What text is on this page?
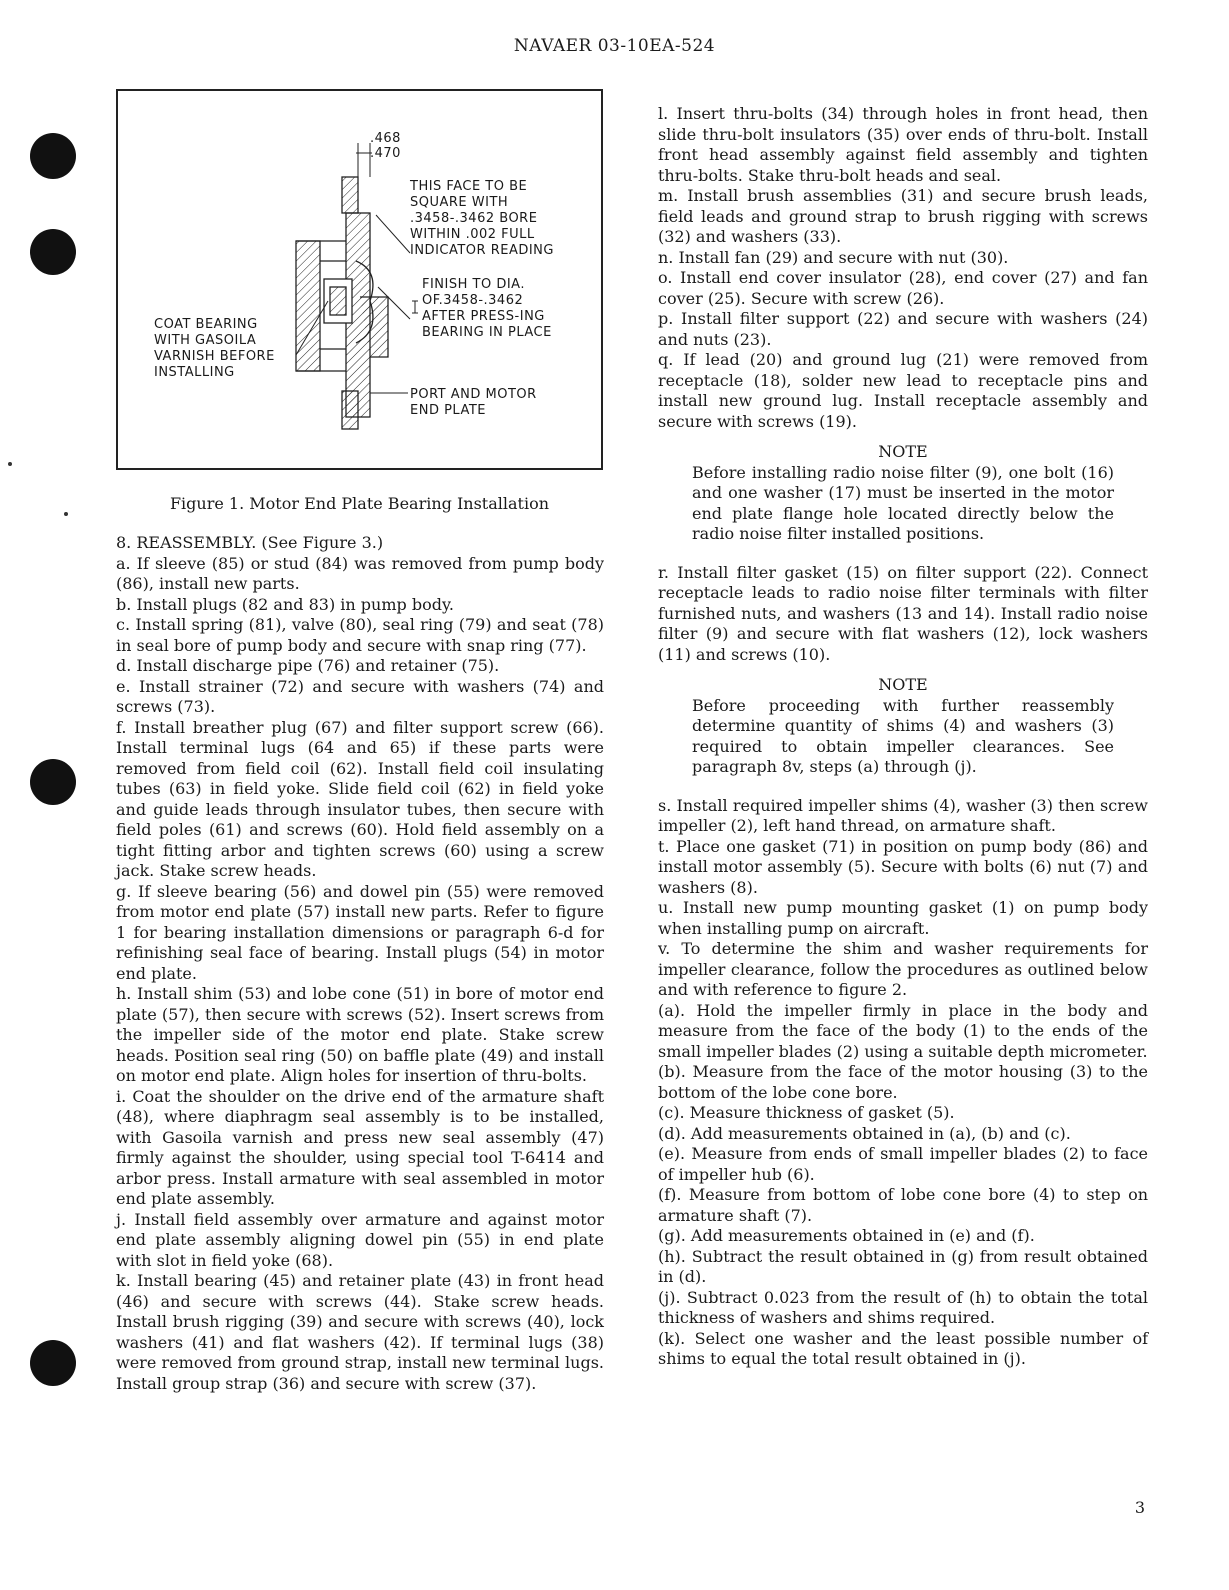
NAVAER 03-10EA-524
.468
.470

THIS FACE TO BE SQUARE WITH .3458-.3462 BORE WITHIN .002 FULL INDICATOR READING

FINISH TO DIA. OF.3458-.3462 AFTER PRESS-ING BEARING IN PLACE

COAT BEARING WITH GASOILA VARNISH BEFORE INSTALLING

PORT AND MOTOR END PLATE

Figure 1. Motor End Plate Bearing Installation

8. REASSEMBLY. (See Figure 3.)

a. If sleeve (85) or stud (84) was removed from pump body (86), install new parts.

b. Install plugs (82 and 83) in pump body.

c. Install spring (81), valve (80), seal ring (79) and seat (78) in seal bore of pump body and secure with snap ring (77).

d. Install discharge pipe (76) and retainer (75).

e. Install strainer (72) and secure with washers (74) and screws (73).

f. Install breather plug (67) and filter support screw (66). Install terminal lugs (64 and 65) if these parts were removed from field coil (62). Install field coil insulating tubes (63) in field yoke. Slide field coil (62) in field yoke and guide leads through insulator tubes, then secure with field poles (61) and screws (60). Hold field assembly on a tight fitting arbor and tighten screws (60) using a screw jack. Stake screw heads.

g. If sleeve bearing (56) and dowel pin (55) were removed from motor end plate (57) install new parts. Refer to figure 1 for bearing installation dimensions or paragraph 6-d for refinishing seal face of bearing. Install plugs (54) in motor end plate.

h. Install shim (53) and lobe cone (51) in bore of motor end plate (57), then secure with screws (52). Insert screws from the impeller side of the motor end plate. Stake screw heads. Position seal ring (50) on baffle plate (49) and install on motor end plate. Align holes for insertion of thru-bolts.

i. Coat the shoulder on the drive end of the armature shaft (48), where diaphragm seal assembly is to be installed, with Gasoila varnish and press new seal assembly (47) firmly against the shoulder, using special tool T-6414 and arbor press. Install armature with seal assembled in motor end plate assembly.

j. Install field assembly over armature and against motor end plate assembly aligning dowel pin (55) in end plate with slot in field yoke (68).

k. Install bearing (45) and retainer plate (43) in front head (46) and secure with screws (44). Stake screw heads. Install brush rigging (39) and secure with screws (40), lock washers (41) and flat washers (42). If terminal lugs (38) were removed from ground strap, install new terminal lugs. Install group strap (36) and secure with screw (37).

l. Insert thru-bolts (34) through holes in front head, then slide thru-bolt insulators (35) over ends of thru-bolt. Install front head assembly against field assembly and tighten thru-bolts. Stake thru-bolt heads and seal.

m. Install brush assemblies (31) and secure brush leads, field leads and ground strap to brush rigging with screws (32) and washers (33).

n. Install fan (29) and secure with nut (30).

o. Install end cover insulator (28), end cover (27) and fan cover (25). Secure with screw (26).

p. Install filter support (22) and secure with washers (24) and nuts (23).

q. If lead (20) and ground lug (21) were removed from receptacle (18), solder new lead to receptacle pins and install new ground lug. Install receptacle assembly and secure with screws (19).

NOTE

Before installing radio noise filter (9), one bolt (16) and one washer (17) must be inserted in the motor end plate flange hole located directly below the radio noise filter installed positions.

r. Install filter gasket (15) on filter support (22). Connect receptacle leads to radio noise filter terminals with filter furnished nuts, and washers (13 and 14). Install radio noise filter (9) and secure with flat washers (12), lock washers (11) and screws (10).

NOTE

Before proceeding with further reassembly determine quantity of shims (4) and washers (3) required to obtain impeller clearances. See paragraph 8v, steps (a) through (j).

s. Install required impeller shims (4), washer (3) then screw impeller (2), left hand thread, on armature shaft.

t. Place one gasket (71) in position on pump body (86) and install motor assembly (5). Secure with bolts (6) nut (7) and washers (8).

u. Install new pump mounting gasket (1) on pump body when installing pump on aircraft.

v. To determine the shim and washer requirements for impeller clearance, follow the procedures as outlined below and with reference to figure 2.

(a). Hold the impeller firmly in place in the body and measure from the face of the body (1) to the ends of the small impeller blades (2) using a suitable depth micrometer.

(b). Measure from the face of the motor housing (3) to the bottom of the lobe cone bore.

(c). Measure thickness of gasket (5).

(d). Add measurements obtained in (a), (b) and (c).

(e). Measure from ends of small impeller blades (2) to face of impeller hub (6).

(f). Measure from bottom of lobe cone bore (4) to step on armature shaft (7).

(g). Add measurements obtained in (e) and (f).

(h). Subtract the result obtained in (g) from result obtained in (d).

(j). Subtract 0.023 from the result of (h) to obtain the total thickness of washers and shims required.

(k). Select one washer and the least possible number of shims to equal the total result obtained in (j).

3
